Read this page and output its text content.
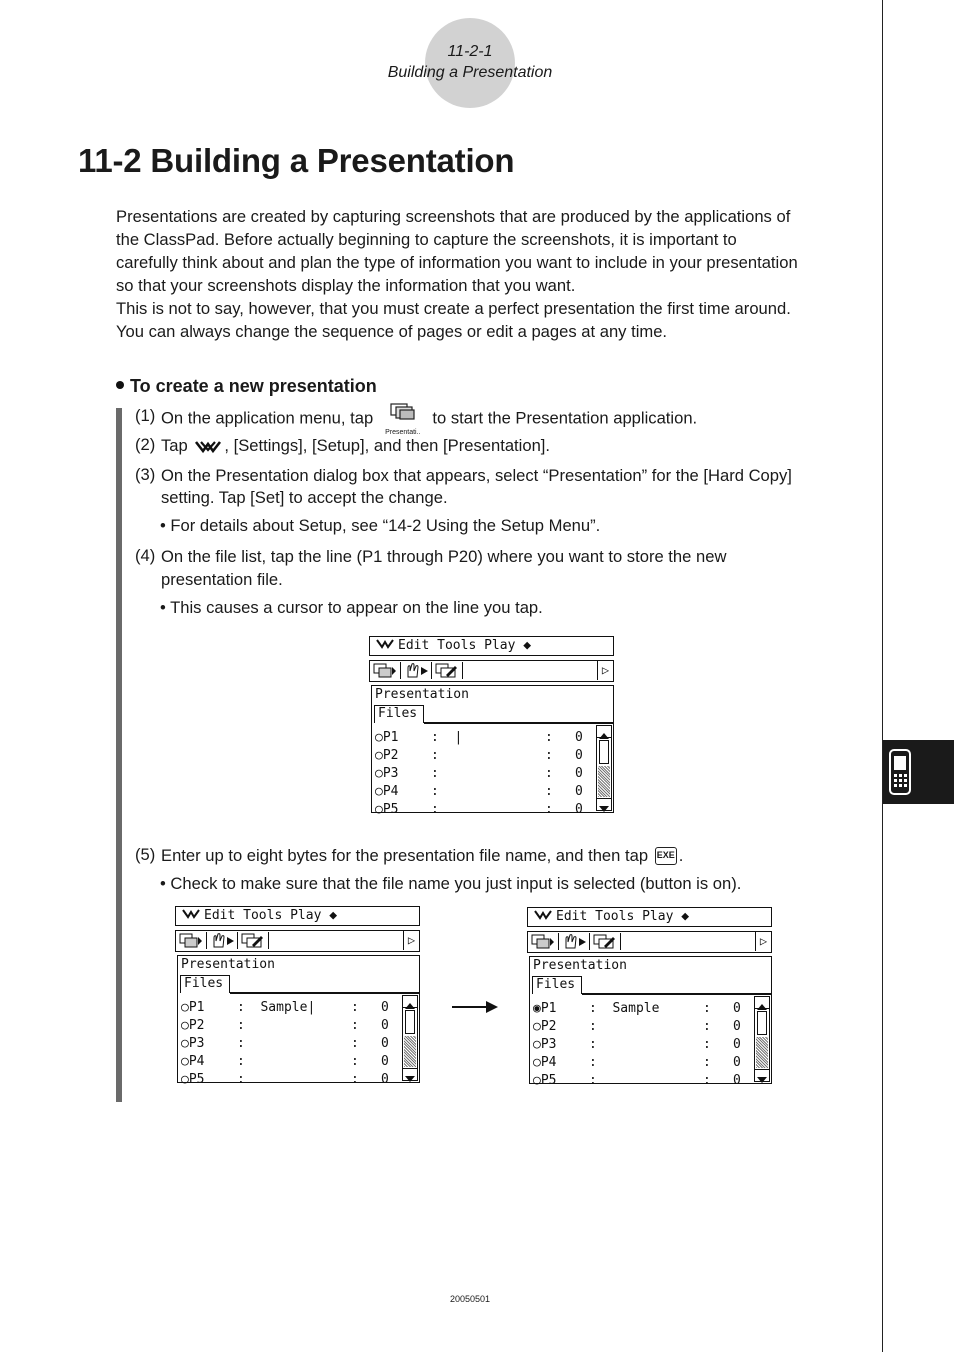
11-2-1
Building a Presentation
11-2 Building a Presentation

Presentations are created by capturing screenshots that are produced by the applications of

the ClassPad. Before actually beginning to capture the screenshots, it is important to

carefully think about and plan the type of information you want to include in your presentation

so that your screenshots display the information that you want.

This is not to say, however, that you must create a perfect presentation the first time around.

You can always change the sequence of pages or edit a pages at any time.

To create a new presentation
(1) On the application menu, tap
Presentati..
to start the Presentation application.
(2) Tap , [Settings], [Setup], and then [Presentation].
(3) On the Presentation dialog box that appears, select “Presentation” for the [Hard Copy]
setting. Tap [Set] to accept the change.
• For details about Setup, see “14-2 Using the Setup Menu”.
(4) On the file list, tap the line (P1 through P20) where you want to store the new
presentation file.
• This causes a cursor to appear on the line you tap.
Edit Tools Play ◆
▷
Presentation
Files
○P1	:  |	: 0
○P2	:	: 0
○P3	:	: 0
○P4	:	: 0
○P5	:	: 0
(5) Enter up to eight bytes for the presentation file name, and then tap EXE .
• Check to make sure that the file name you just input is selected (button is on).
Edit Tools Play ◆
▷
Presentation
Files
○P1	:  Sample|	: 0
○P2	:	: 0
○P3	:	: 0
○P4	:	: 0
○P5	:	: 0
Edit Tools Play ◆
▷
Presentation
Files
◉P1	:  Sample	: 0
○P2	:	: 0
○P3	:	: 0
○P4	:	: 0
○P5	:	: 0
20050501
